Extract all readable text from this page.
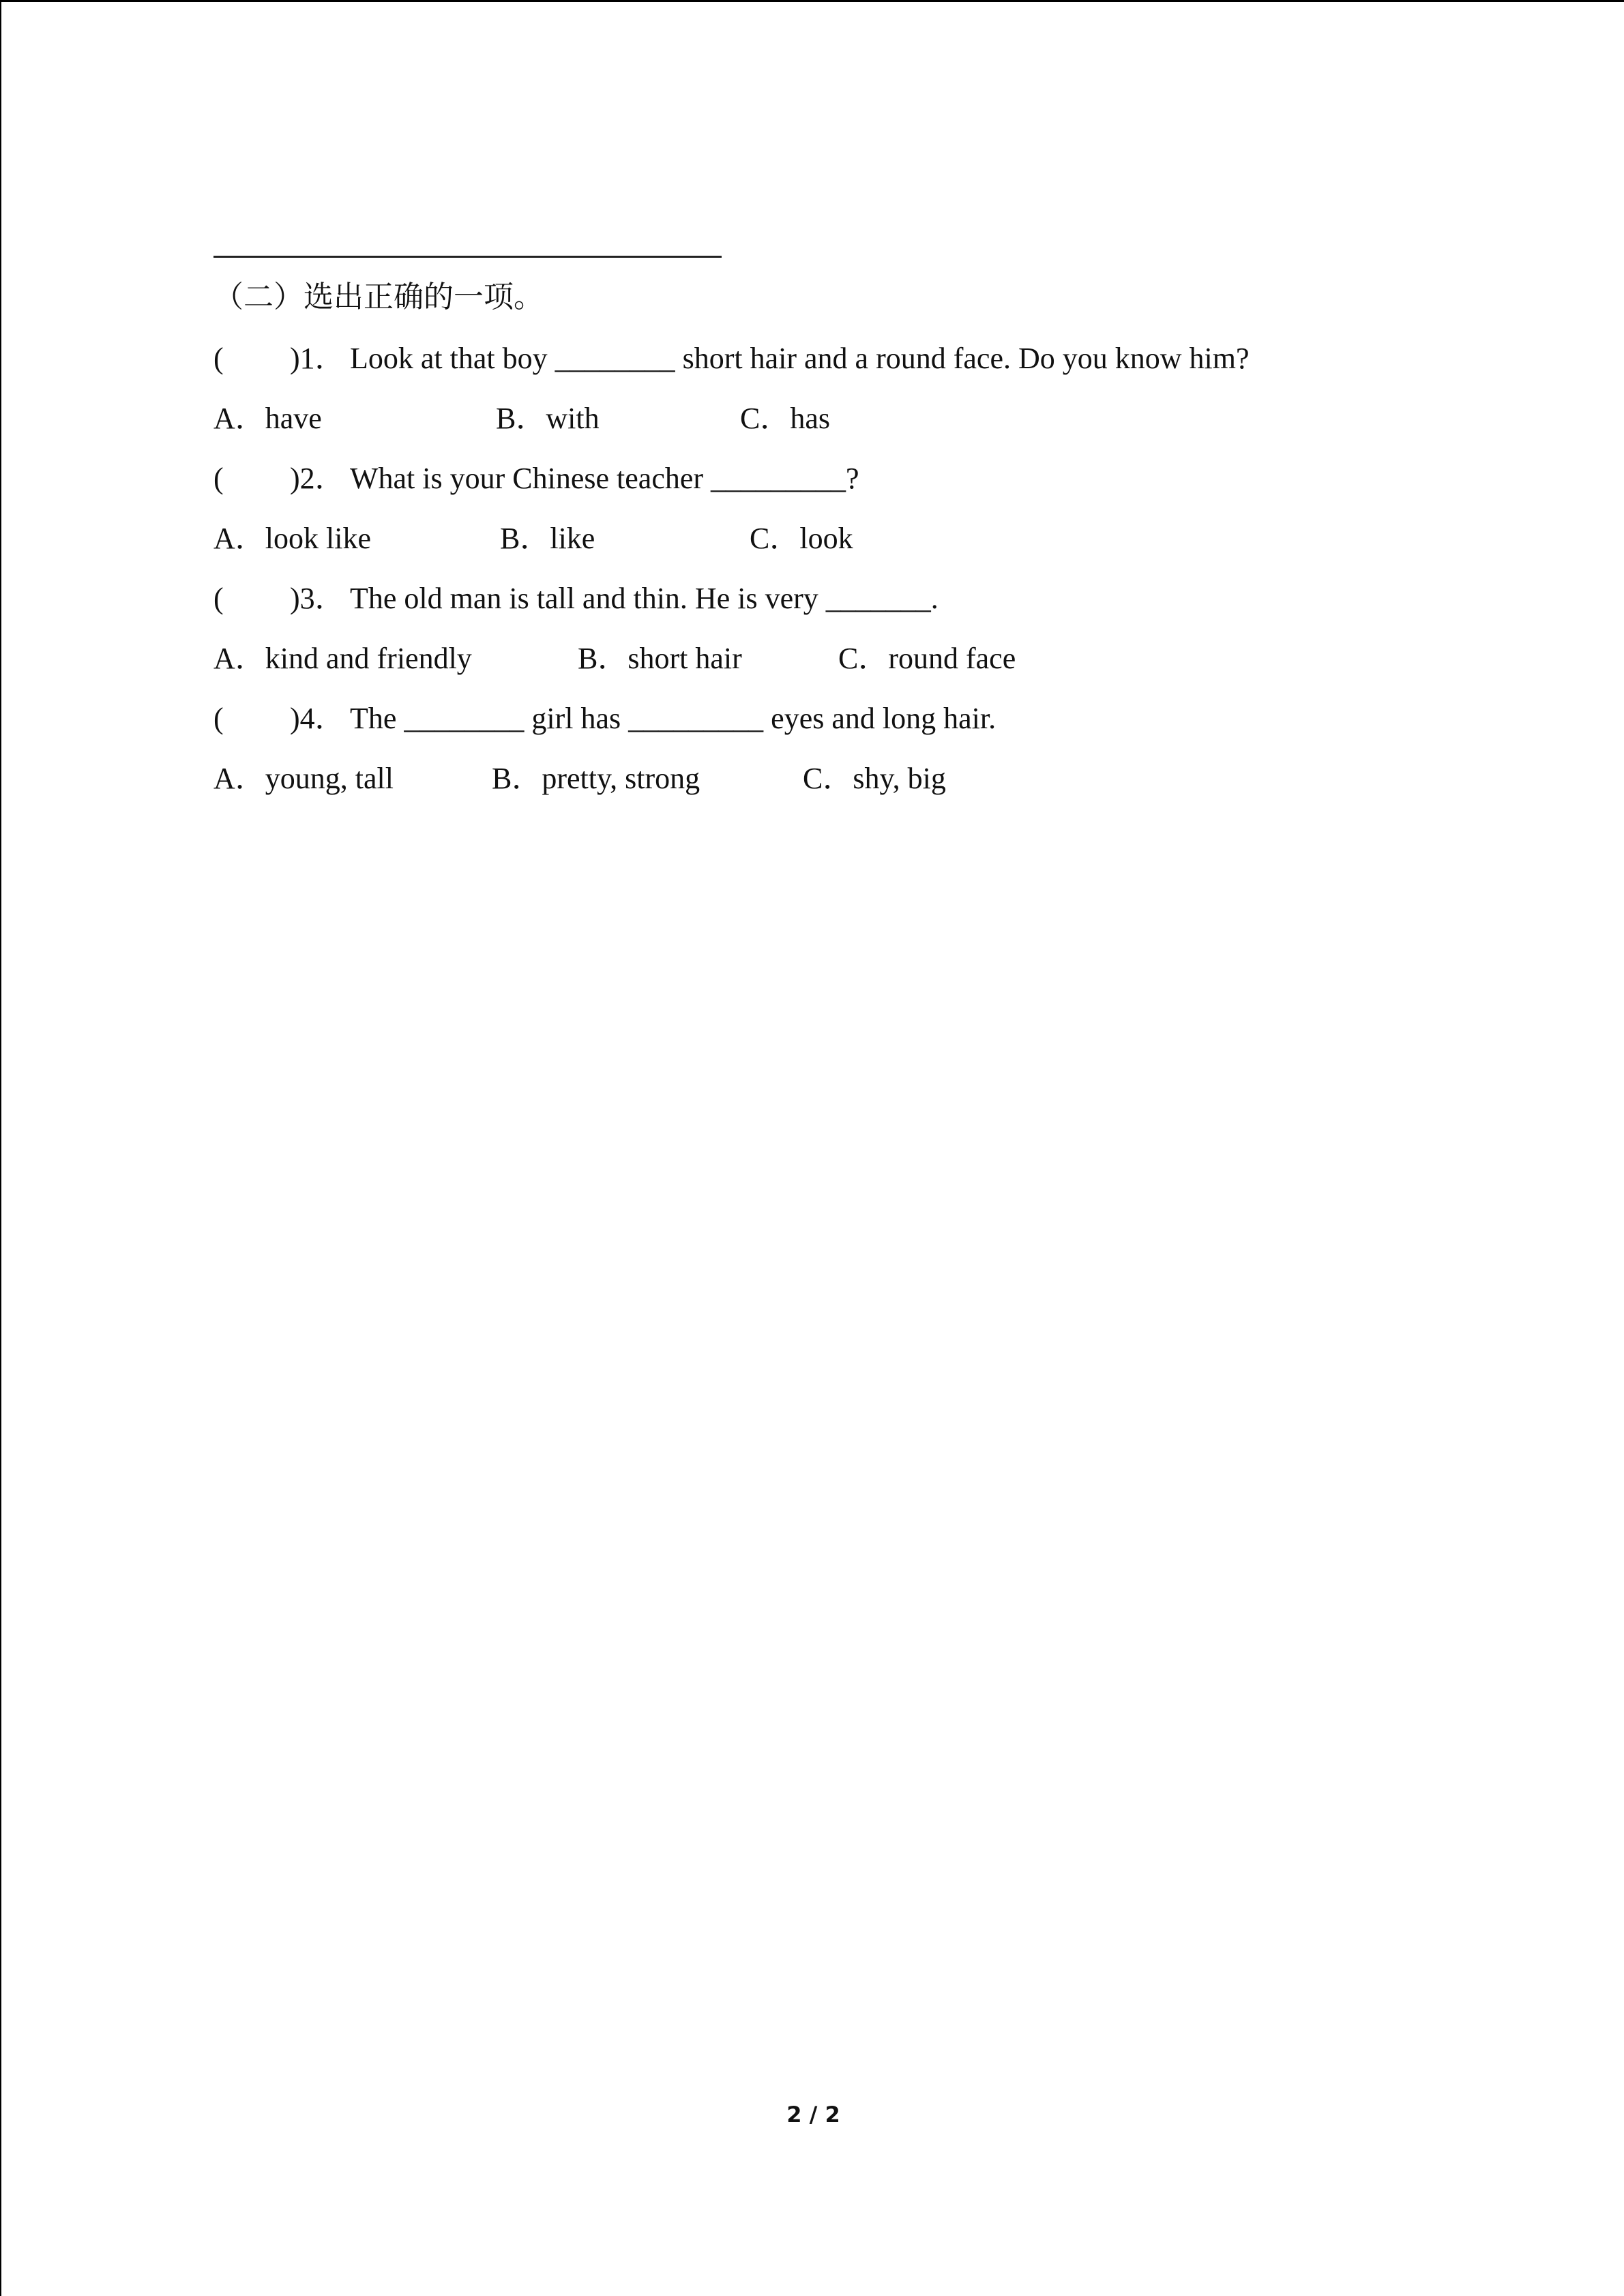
（二）选出正确的一项。
( )1． Look at that boy ________ short hair and a round face. Do you know him?
A．have	B．with	C．has
( )2． What is your Chinese teacher _________?
A．look like	B．like	C．look
( )3． The old man is tall and thin. He is very _______.
A．kind and friendly	B．short hair	C．round face
( )4． The ________ girl has _________ eyes and long hair.
A．young, tall	B．pretty, strong	C．shy, big
2 / 2
